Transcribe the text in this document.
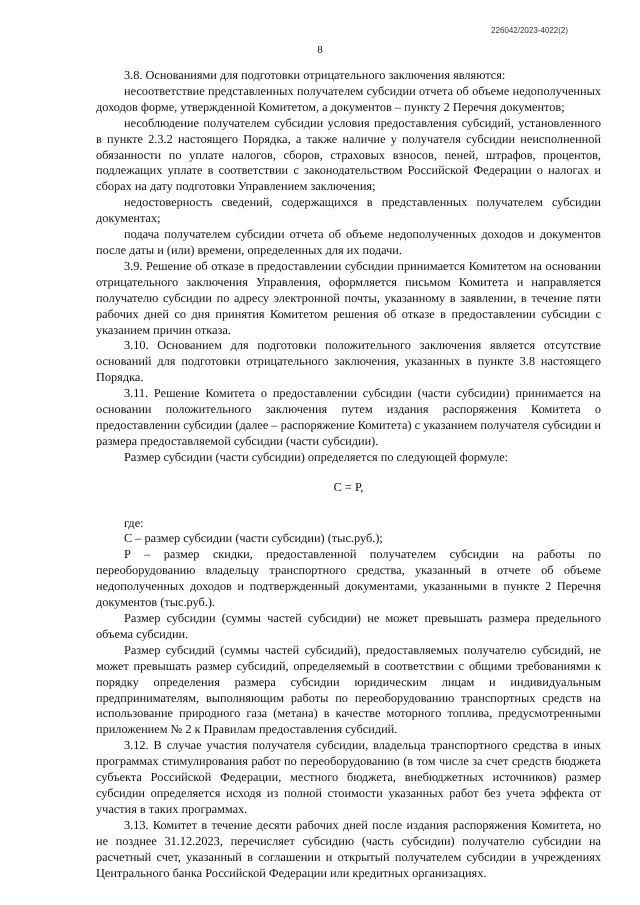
226042/2023-4022(2)
8

3.8. Основаниями для подготовки отрицательного заключения являются:

несоответствие представленных получателем субсидии отчета об объеме недополученных доходов форме, утвержденной Комитетом, а документов – пункту 2 Перечня документов;

несоблюдение получателем субсидии условия предоставления субсидий, установленного в пункте 2.3.2 настоящего Порядка, а также наличие у получателя субсидии неисполненной обязанности по уплате налогов, сборов, страховых взносов, пеней, штрафов, процентов, подлежащих уплате в соответствии с законодательством Российской Федерации о налогах и сборах на дату подготовки Управлением заключения;

недостоверность сведений, содержащихся в представленных получателем субсидии документах;

подача получателем субсидии отчета об объеме недополученных доходов и документов после даты и (или) времени, определенных для их подачи.

3.9. Решение об отказе в предоставлении субсидии принимается Комитетом на основании отрицательного заключения Управления, оформляется письмом Комитета и направляется получателю субсидии по адресу электронной почты, указанному в заявлении, в течение пяти рабочих дней со дня принятия Комитетом решения об отказе в предоставлении субсидии с указанием причин отказа.

3.10. Основанием для подготовки положительного заключения является отсутствие оснований для подготовки отрицательного заключения, указанных в пункте 3.8 настоящего Порядка.

3.11. Решение Комитета о предоставлении субсидии (части субсидии) принимается на основании положительного заключения путем издания распоряжения Комитета о предоставлении субсидии (далее – распоряжение Комитета) с указанием получателя субсидии и размера предоставляемой субсидии (части субсидии).

Размер субсидии (части субсидии) определяется по следующей формуле:

С = Р,

где:

С – размер субсидии (части субсидии) (тыс.руб.);

Р – размер скидки, предоставленной получателем субсидии на работы по переоборудованию владельцу транспортного средства, указанный в отчете об объеме недополученных доходов и подтвержденный документами, указанными в пункте 2 Перечня документов (тыс.руб.).

Размер субсидии (суммы частей субсидии) не может превышать размера предельного объема субсидии.

Размер субсидий (суммы частей субсидий), предоставляемых получателю субсидий, не может превышать размер субсидий, определяемый в соответствии с общими требованиями к порядку определения размера субсидии юридическим лицам и индивидуальным предпринимателям, выполняющим работы по переоборудованию транспортных средств на использование природного газа (метана) в качестве моторного топлива, предусмотренными приложением № 2 к Правилам предоставления субсидий.

3.12. В случае участия получателя субсидии, владельца транспортного средства в иных программах стимулирования работ по переоборудованию (в том числе за счет средств бюджета субъекта Российской Федерации, местного бюджета, внебюджетных источников) размер субсидии определяется исходя из полной стоимости указанных работ без учета эффекта от участия в таких программах.

3.13. Комитет в течение десяти рабочих дней после издания распоряжения Комитета, но не позднее 31.12.2023, перечисляет субсидию (часть субсидии) получателю субсидии на расчетный счет, указанный в соглашении и открытый получателем субсидии в учреждениях Центрального банка Российской Федерации или кредитных организациях.
